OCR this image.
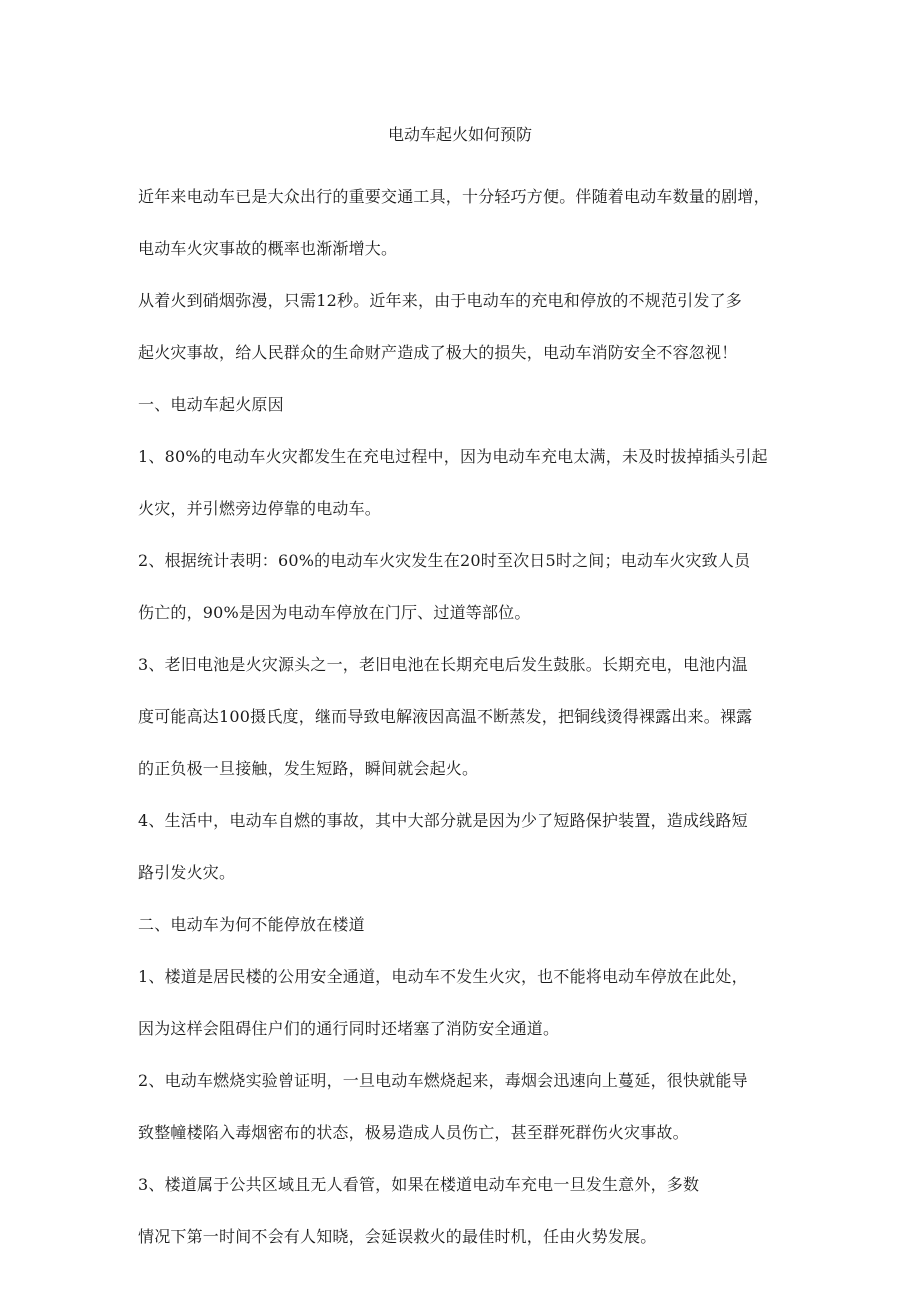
电动车起火如何预防
近年来电动车已是大众出行的重要交通工具，十分轻巧方便。伴随着电动车数量的剧增，
电动车火灾事故的概率也渐渐增大。
从着火到硝烟弥漫，只需12秒。近年来，由于电动车的充电和停放的不规范引发了多
起火灾事故，给人民群众的生命财产造成了极大的损失，电动车消防安全不容忽视！
一、电动车起火原因
1、80%的电动车火灾都发生在充电过程中，因为电动车充电太满，未及时拔掉插头引起
火灾，并引燃旁边停靠的电动车。
2、根据统计表明：60%的电动车火灾发生在20时至次日5时之间；电动车火灾致人员
伤亡的，90%是因为电动车停放在门厅、过道等部位。
3、老旧电池是火灾源头之一，老旧电池在长期充电后发生鼓胀。长期充电，电池内温
度可能高达100摄氏度，继而导致电解液因高温不断蒸发，把铜线烫得裸露出来。裸露
的正负极一旦接触，发生短路，瞬间就会起火。
4、生活中，电动车自燃的事故，其中大部分就是因为少了短路保护装置，造成线路短
路引发火灾。
二、电动车为何不能停放在楼道
1、楼道是居民楼的公用安全通道，电动车不发生火灾，也不能将电动车停放在此处，
因为这样会阻碍住户们的通行同时还堵塞了消防安全通道。
2、电动车燃烧实验曾证明，一旦电动车燃烧起来，毒烟会迅速向上蔓延，很快就能导
致整幢楼陷入毒烟密布的状态，极易造成人员伤亡，甚至群死群伤火灾事故。
3、楼道属于公共区域且无人看管，如果在楼道电动车充电一旦发生意外，多数
情况下第一时间不会有人知晓，会延误救火的最佳时机，任由火势发展。
